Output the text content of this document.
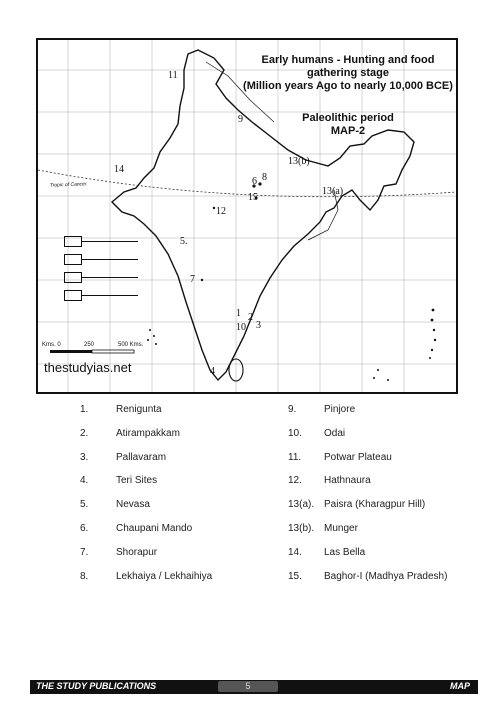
Early humans - Hunting and food
gathering stage
(Million years Ago to nearly 10,000 BCE)
Paleolithic period
MAP-2
Tropic of Cancer
11
9
13(b)
6 8
15
13(a)
14
12
5.
7
1 2
3
10
4
Kms. 0	250	500 Kms.
thestudyias.net
1.	Renigunta
2.	Atirampakkam
3.	Pallavaram
4.	Teri Sites
5.	Nevasa
6.	Chaupani Mando
7.	Shorapur
8.	Lekhaiya / Lekhaihiya
9.	Pinjore
10. Odai
11. Potwar Plateau
12. Hathnaura
13(a). Paisra (Kharagpur Hill)
13(b). Munger
14. Las Bella
15. Baghor-I (Madhya Pradesh)
THE STUDY PUBLICATIONS	5	MAP
